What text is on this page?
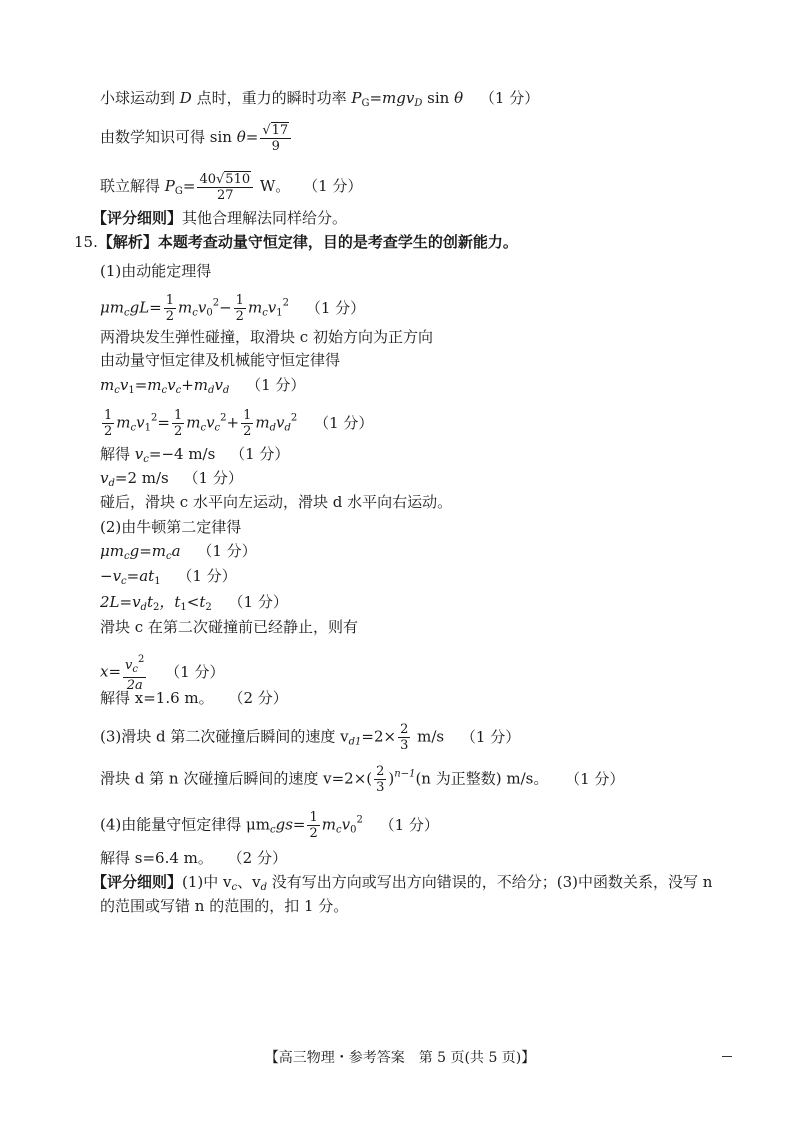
小球运动到 D 点时，重力的瞬时功率 $P_G=mgv_D$ sin θ （1 分）
由数学知识可得 $\sin \theta= \frac{√17}{9}$
联立解得 $P_G= \frac{40√510}{27}$ W。 （1 分）
【评分细则】其他合理解法同样给分。
15.【解析】本题考查动量守恒定律，目的是考查学生的创新能力。
(1)由动能定理得
$\mu m_cgL= \frac{1}{2} m_cv_0^2- \frac{1}{2} m_cv_1^2$ （1 分）
两滑块发生弹性碰撞，取滑块 c 初始方向为正方向
由动量守恒定律及机械能守恒定律得
$m_cv_1=m_cv_c+m_dv_d$ （1 分）
$\frac{1}{2} m_cv_1^2= \frac{1}{2} m_cv_c^2+ \frac{1}{2} m_dv_d^2$ （1 分）
解得 $v_c=-4$ m/s （1 分）
$v_d=2$ m/s （1 分）
碰后，滑块 c 水平向左运动，滑块 d 水平向右运动。
(2)由牛顿第二定律得
$\mu m_cg=m_ca$ （1 分）
$-v_c=at_1$ （1 分）
$2L=v_dt_2$，$t_1<t_2$ （1 分）
滑块 c 在第二次碰撞前已经静止，则有
$x= \frac{v_c^2}{2a} (1$ 分）
解得 x=1.6 m。 （2 分）
(3)滑块 d 第二次碰撞后瞬间的速度 $v_{d1}=2\times \frac{2}{3} m/s$ （1 分）
滑块 d 第 n 次碰撞后瞬间的速度 $v=2\times( \frac{2}{3} )^{n-1}(n$ 为正整数) m/s。 （1 分）
(4)由能量守恒定律得 $\mu m_cgs= \frac{1}{2} m_cv_0^2$ （1 分）
解得 s=6.4 m。 （2 分）
【评分细则】(1)中 $v_c$、$v_d$ 没有写出方向或写出方向错误的，不给分；(3)中函数关系，没写 n
的范围或写错 n 的范围的，扣 1 分。
【高三物理・参考答案　第 5 页(共 5 页)】
